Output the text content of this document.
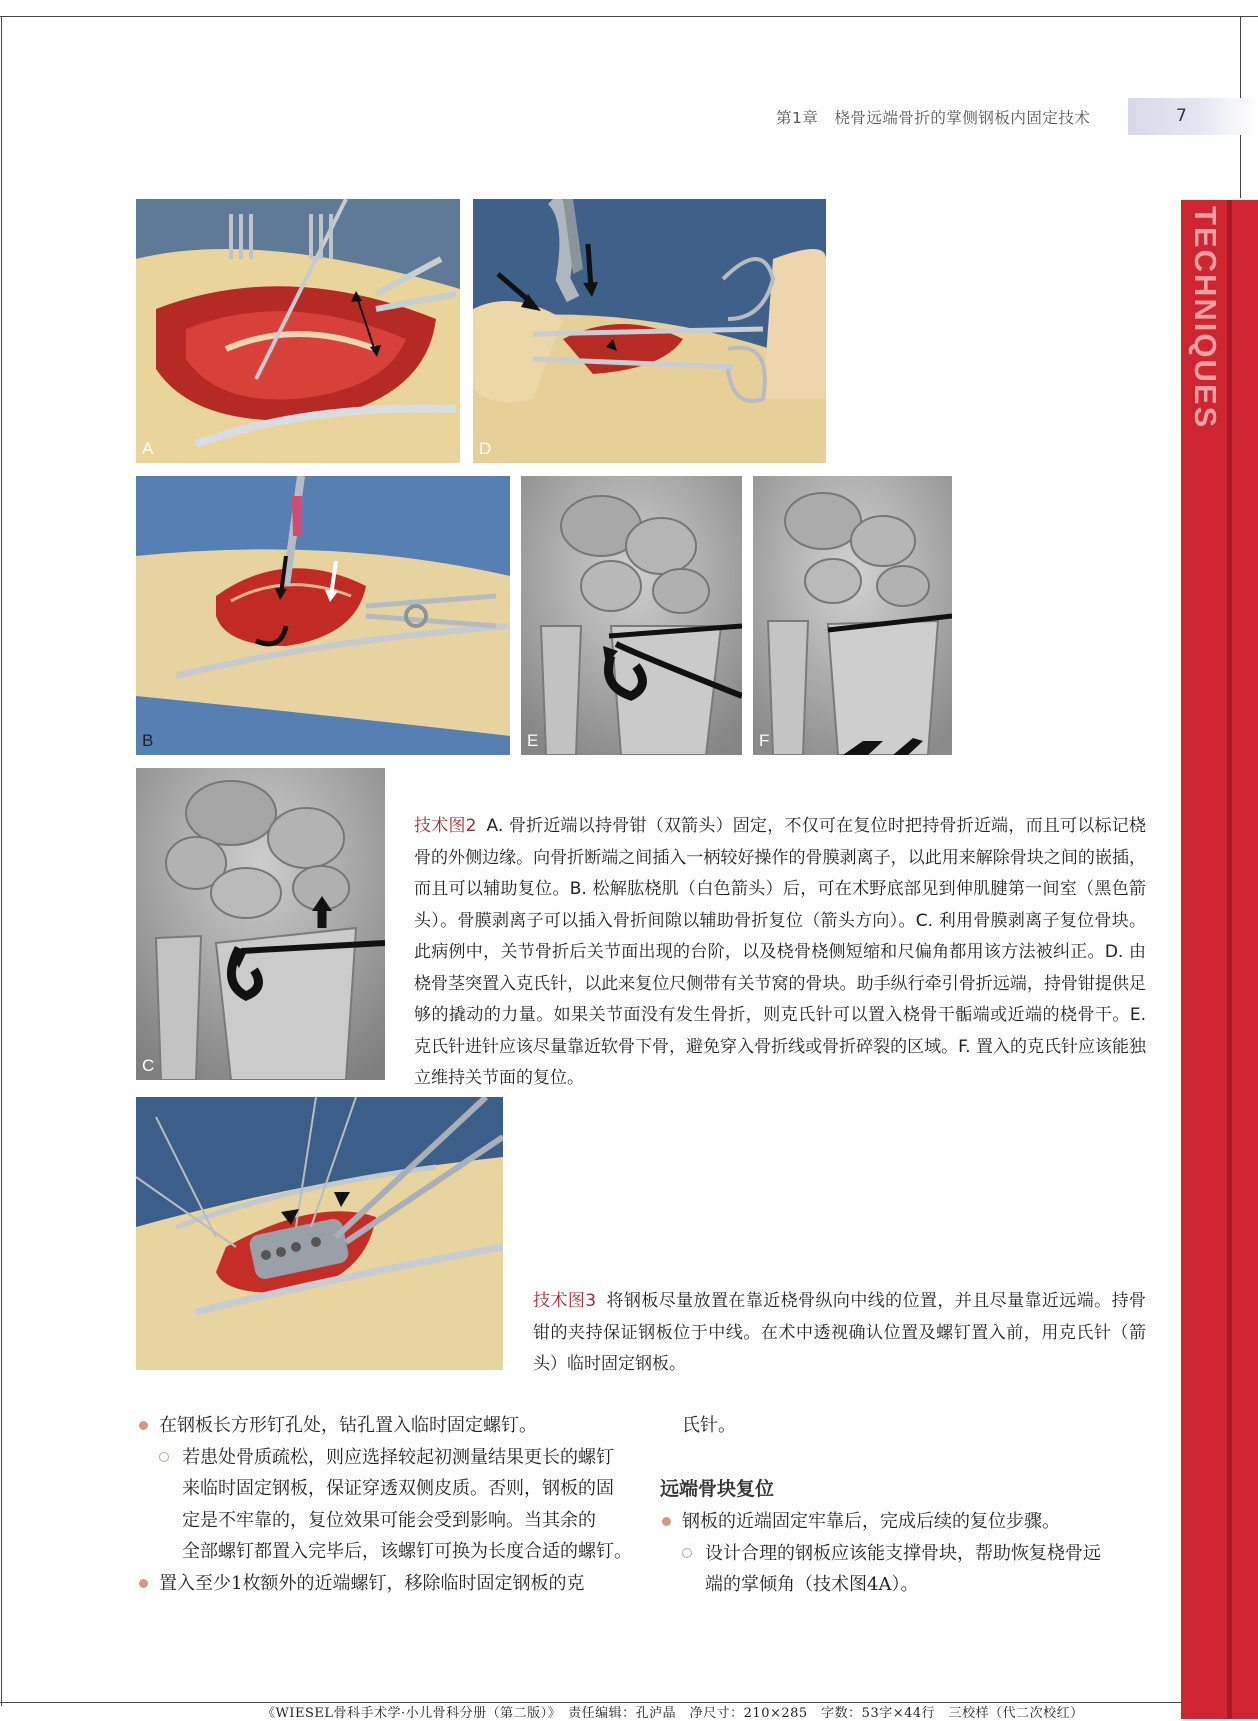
第1章　桡骨远端骨折的掌侧钢板内固定技术	7
TECHNIQUES
A	D
B	E	F
C
技术图2 A. 骨折近端以持骨钳（双箭头）固定，不仅可在复位时把持骨折近端，而且可以标记桡骨的外侧边缘。向骨折断端之间插入一柄较好操作的骨膜剥离子，以此用来解除骨块之间的嵌插，而且可以辅助复位。B. 松解肱桡肌（白色箭头）后，可在术野底部见到伸肌腱第一间室（黑色箭头）。骨膜剥离子可以插入骨折间隙以辅助骨折复位（箭头方向）。C. 利用骨膜剥离子复位骨块。此病例中，关节骨折后关节面出现的台阶，以及桡骨桡侧短缩和尺偏角都用该方法被纠正。D. 由桡骨茎突置入克氏针，以此来复位尺侧带有关节窝的骨块。助手纵行牵引骨折远端，持骨钳提供足够的撬动的力量。如果关节面没有发生骨折，则克氏针可以置入桡骨干骺端或近端的桡骨干。E. 克氏针进针应该尽量靠近软骨下骨，避免穿入骨折线或骨折碎裂的区域。F. 置入的克氏针应该能独立维持关节面的复位。
技术图3 将钢板尽量放置在靠近桡骨纵向中线的位置，并且尽量靠近远端。持骨钳的夹持保证钢板位于中线。在术中透视确认位置及螺钉置入前，用克氏针（箭头）临时固定钢板。
在钢板长方形钉孔处，钻孔置入临时固定螺钉。
若患处骨质疏松，则应选择较起初测量结果更长的螺钉
来临时固定钢板，保证穿透双侧皮质。否则，钢板的固
定是不牢靠的，复位效果可能会受到影响。当其余的
全部螺钉都置入完毕后，该螺钉可换为长度合适的螺钉。
置入至少1枚额外的近端螺钉，移除临时固定钢板的克
氏针。
远端骨块复位
钢板的近端固定牢靠后，完成后续的复位步骤。
设计合理的钢板应该能支撑骨块，帮助恢复桡骨远
端的掌倾角（技术图4A）。
《WIESEL骨科手术学·小儿骨科分册（第二版）》　责任编辑：孔泸晶　净尺寸：210×285　字数：53字×44行　三校样（代二次校红）
